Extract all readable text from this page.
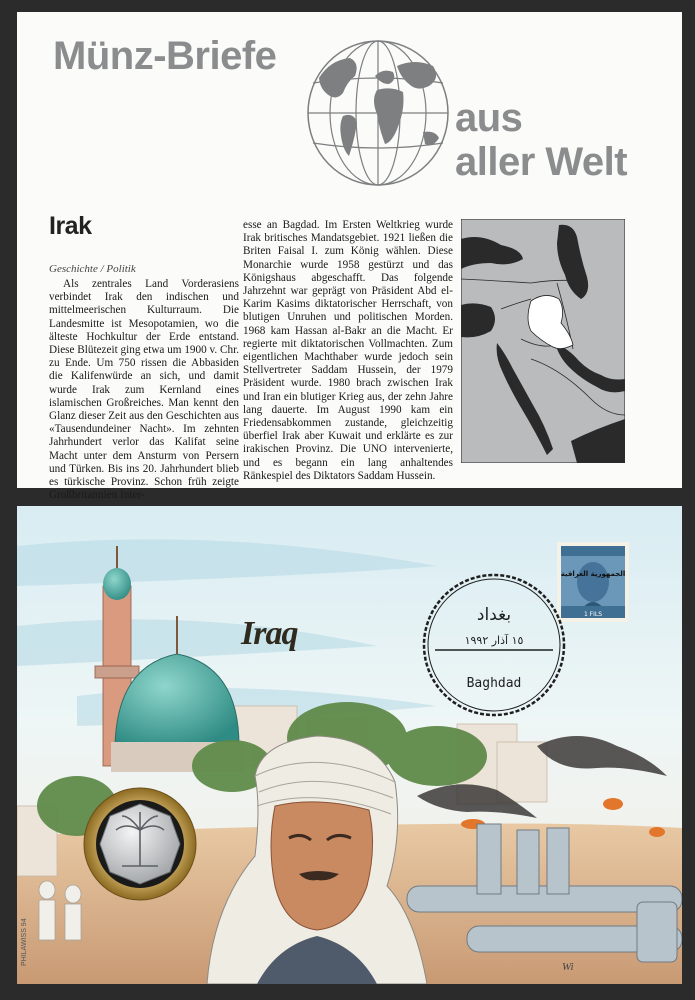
Münz-Briefe
aus
aller Welt
Irak
Geschichte / Politik

Als zentrales Land Vorderasiens verbindet Irak den indischen und mittelmeerischen Kulturraum. Die Landesmitte ist Mesopotamien, wo die älteste Hochkultur der Erde entstand. Diese Blütezeit ging etwa um 1900 v. Chr. zu Ende. Um 750 rissen die Abbasiden die Kalifenwürde an sich, und damit wurde Irak zum Kernland eines islamischen Großreiches. Man kennt den Glanz dieser Zeit aus den Geschichten aus «Tausendundeiner Nacht». Im zehnten Jahrhundert verlor das Kalifat seine Macht unter dem Ansturm von Persern und Türken. Bis ins 20. Jahrhundert blieb es türkische Provinz. Schon früh zeigte Großbritannien Inter-

esse an Bagdad. Im Ersten Weltkrieg wurde Irak britisches Mandatsgebiet. 1921 ließen die Briten Faisal I. zum König wählen. Diese Monarchie wurde 1958 gestürzt und das Königshaus abgeschafft. Das folgende Jahrzehnt war geprägt von Präsident Abd el-Karim Kasims diktatorischer Herrschaft, von blutigen Unruhen und politischen Morden. 1968 kam Hassan al-Bakr an die Macht. Er regierte mit diktatorischen Vollmachten. Zum eigentlichen Machthaber wurde jedoch sein Stellvertreter Saddam Hussein, der 1979 Präsident wurde. 1980 brach zwischen Irak und Iran ein blutiger Krieg aus, der zehn Jahre lang dauerte. Im August 1990 kam ein Friedensabkommen zustande, gleichzeitig überfiel Irak aber Kuwait und erklärte es zur irakischen Provinz. Die UNO intervenierte, und es begann ein lang anhaltendes Ränkespiel des Diktators Saddam Hussein.

Iraq
الجمهورية العراقية
1 FILS
بغداد
١٥ آذار ١٩٩٢
Baghdad
PHILAWISS 94
Wi
